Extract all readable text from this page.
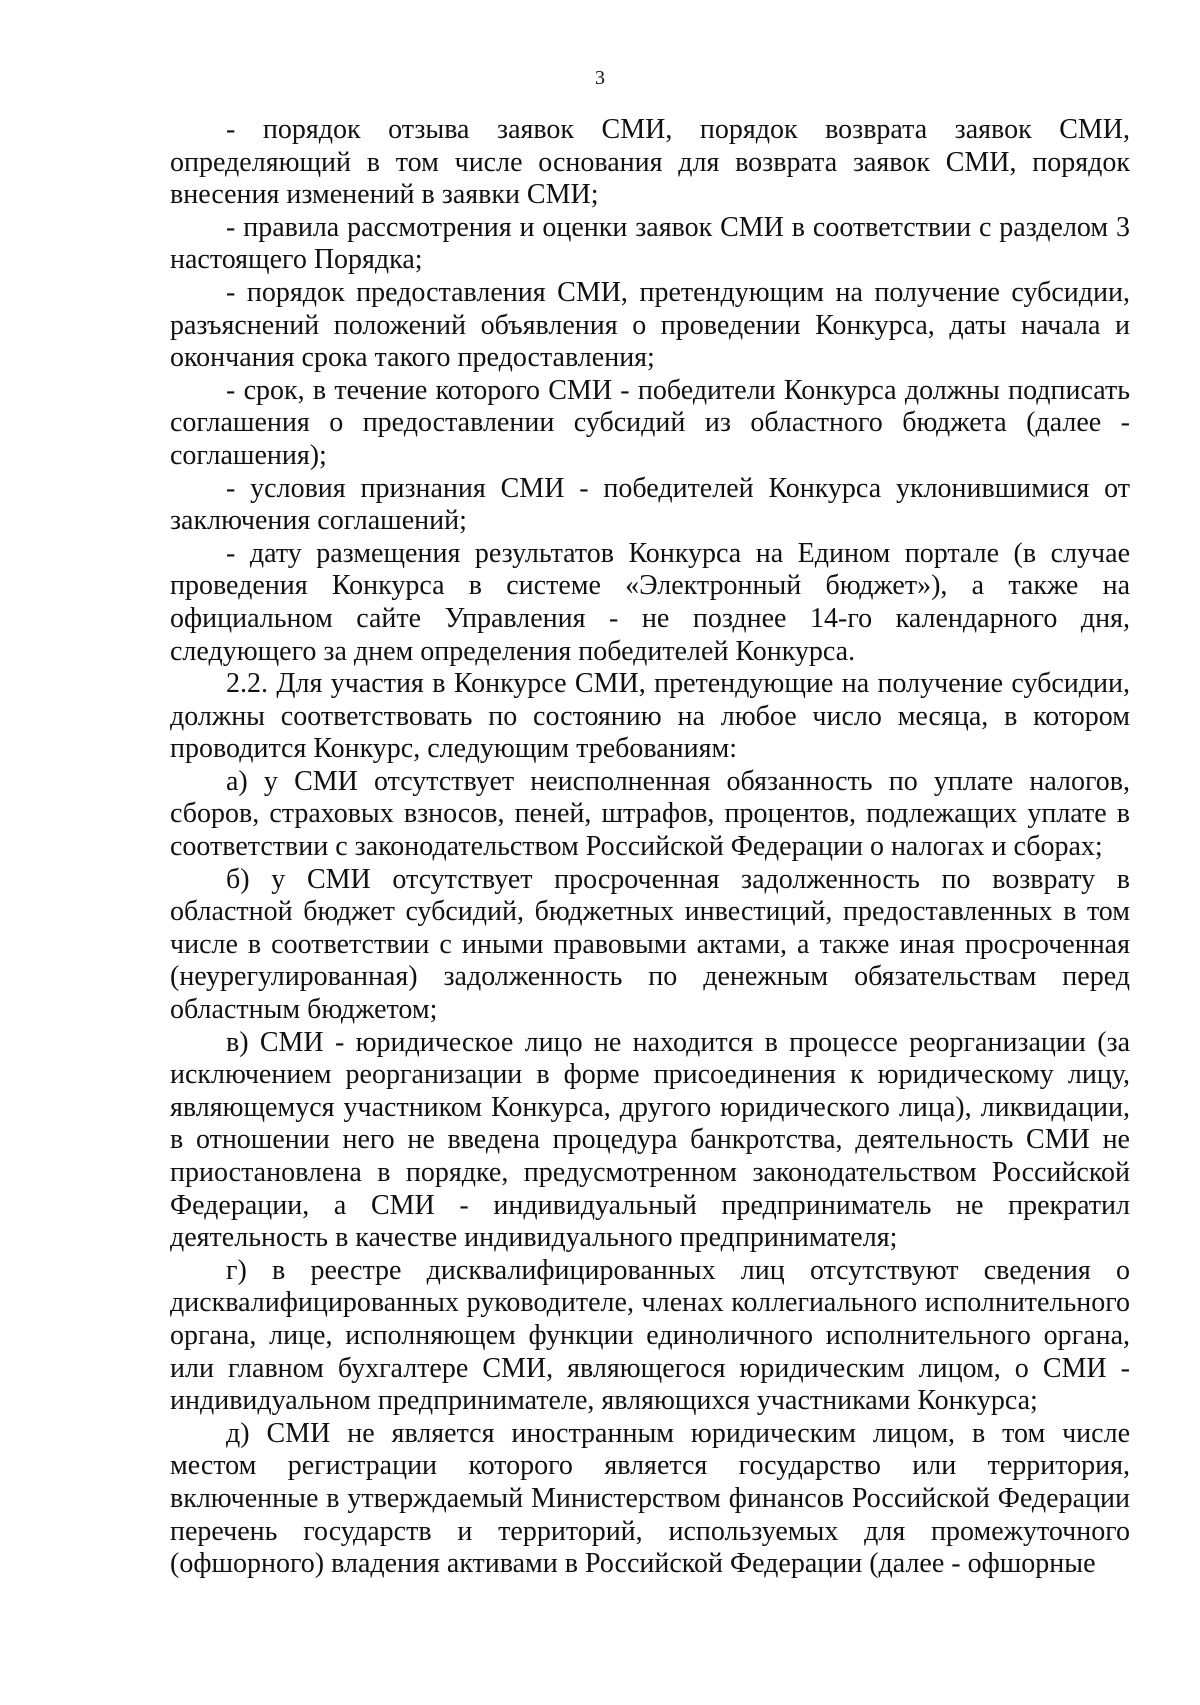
3

- порядок отзыва заявок СМИ, порядок возврата заявок СМИ, определяющий в том числе основания для возврата заявок СМИ, порядок внесения изменений в заявки СМИ;

- правила рассмотрения и оценки заявок СМИ в соответствии с разделом 3 настоящего Порядка;

- порядок предоставления СМИ, претендующим на получение субсидии, разъяснений положений объявления о проведении Конкурса, даты начала и окончания срока такого предоставления;

- срок, в течение которого СМИ - победители Конкурса должны подписать соглашения о предоставлении субсидий из областного бюджета (далее - соглашения);

- условия признания СМИ - победителей Конкурса уклонившимися от заключения соглашений;

- дату размещения результатов Конкурса на Едином портале (в случае проведения Конкурса в системе «Электронный бюджет»), а также на официальном сайте Управления - не позднее 14-го календарного дня, следующего за днем определения победителей Конкурса.

2.2. Для участия в Конкурсе СМИ, претендующие на получение субсидии, должны соответствовать по состоянию на любое число месяца, в котором проводится Конкурс, следующим требованиям:

а) у СМИ отсутствует неисполненная обязанность по уплате налогов, сборов, страховых взносов, пеней, штрафов, процентов, подлежащих уплате в соответствии с законодательством Российской Федерации о налогах и сборах;

б) у СМИ отсутствует просроченная задолженность по возврату в областной бюджет субсидий, бюджетных инвестиций, предоставленных в том числе в соответствии с иными правовыми актами, а также иная просроченная (неурегулированная) задолженность по денежным обязательствам перед областным бюджетом;

в) СМИ - юридическое лицо не находится в процессе реорганизации (за исключением реорганизации в форме присоединения к юридическому лицу, являющемуся участником Конкурса, другого юридического лица), ликвидации, в отношении него не введена процедура банкротства, деятельность СМИ не приостановлена в порядке, предусмотренном законодательством Российской Федерации, а СМИ - индивидуальный предприниматель не прекратил деятельность в качестве индивидуального предпринимателя;

г) в реестре дисквалифицированных лиц отсутствуют сведения о дисквалифицированных руководителе, членах коллегиального исполнительного органа, лице, исполняющем функции единоличного исполнительного органа, или главном бухгалтере СМИ, являющегося юридическим лицом, о СМИ - индивидуальном предпринимателе, являющихся участниками Конкурса;

д) СМИ не является иностранным юридическим лицом, в том числе местом регистрации которого является государство или территория, включенные в утверждаемый Министерством финансов Российской Федерации перечень государств и территорий, используемых для промежуточного (офшорного) владения активами в Российской Федерации (далее - офшорные
